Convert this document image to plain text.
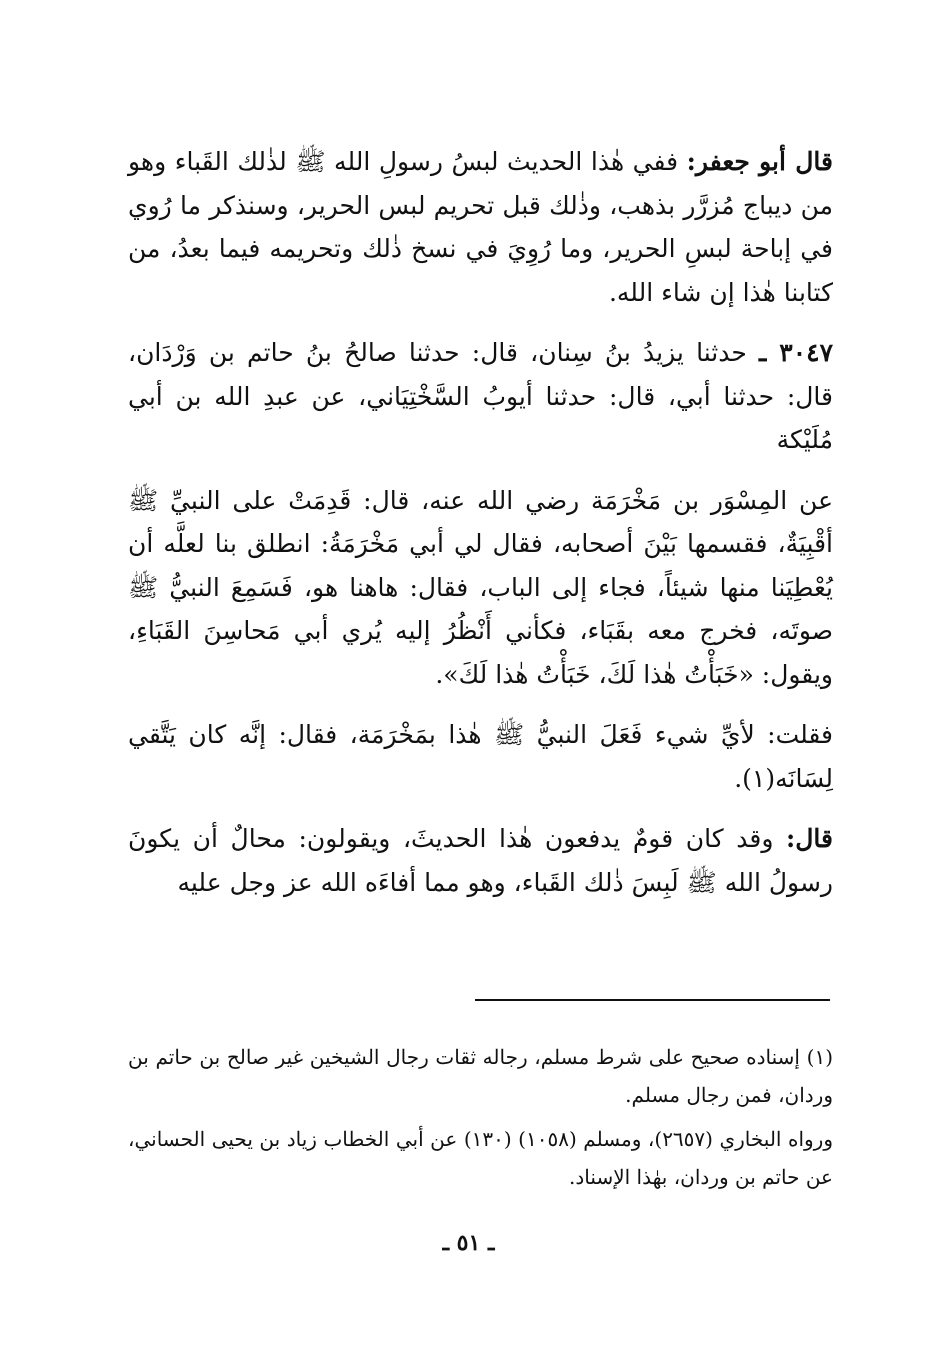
قال أبو جعفر: ففي هٰذا الحديث لبسُ رسولِ الله ﷺ لذٰلك القَباء وهو من ديباج مُزرَّر بذهب، وذٰلك قبل تحريم لبس الحرير، وسنذكر ما رُوي في إباحة لبسِ الحرير، وما رُوِيَ في نسخ ذٰلك وتحريمه فيما بعدُ، من كتابنا هٰذا إن شاء الله.

٣٠٤٧ ـ حدثنا يزيدُ بنُ سِنان، قال: حدثنا صالحُ بنُ حاتم بن وَرْدَان، قال: حدثنا أبي، قال: حدثنا أيوبُ السَّخْتِيَاني، عن عبدِ الله بن أبي مُلَيْكة

عن المِسْوَر بن مَخْرَمَة رضي الله عنه، قال: قَدِمَتْ على النبيِّ ﷺ أقْبِيَةٌ، فقسمها بَيْنَ أصحابه، فقال لي أبي مَخْرَمَةُ: انطلق بنا لعلَّه أن يُعْطِيَنا منها شيئاً، فجاء إلى الباب، فقال: هاهنا هو، فَسَمِعَ النبيُّ ﷺ صوتَه، فخرج معه بقَبَاء، فكأني أَنْظُرُ إليه يُري أبي مَحاسِنَ القَبَاءِ، ويقول: «خَبَأْتُ هٰذا لَكَ، خَبَأْتُ هٰذا لَكَ».

فقلت: لأيِّ شيء فَعَلَ النبيُّ ﷺ هٰذا بمَخْرَمَة، فقال: إنَّه كان يَتَّقي لِسَانَه(١).

قال: وقد كان قومٌ يدفعون هٰذا الحديثَ، ويقولون: محالٌ أن يكونَ رسولُ الله ﷺ لَبِسَ ذٰلك القَباء، وهو مما أفاءَه الله عز وجل عليه

(١) إسناده صحيح على شرط مسلم، رجاله ثقات رجال الشيخين غير صالح بن حاتم بن وردان، فمن رجال مسلم.

ورواه البخاري (٢٦٥٧)، ومسلم (١٠٥٨) (١٣٠) عن أبي الخطاب زياد بن يحيى الحساني، عن حاتم بن وردان، بهٰذا الإسناد.

ـ ٥١ ـ
